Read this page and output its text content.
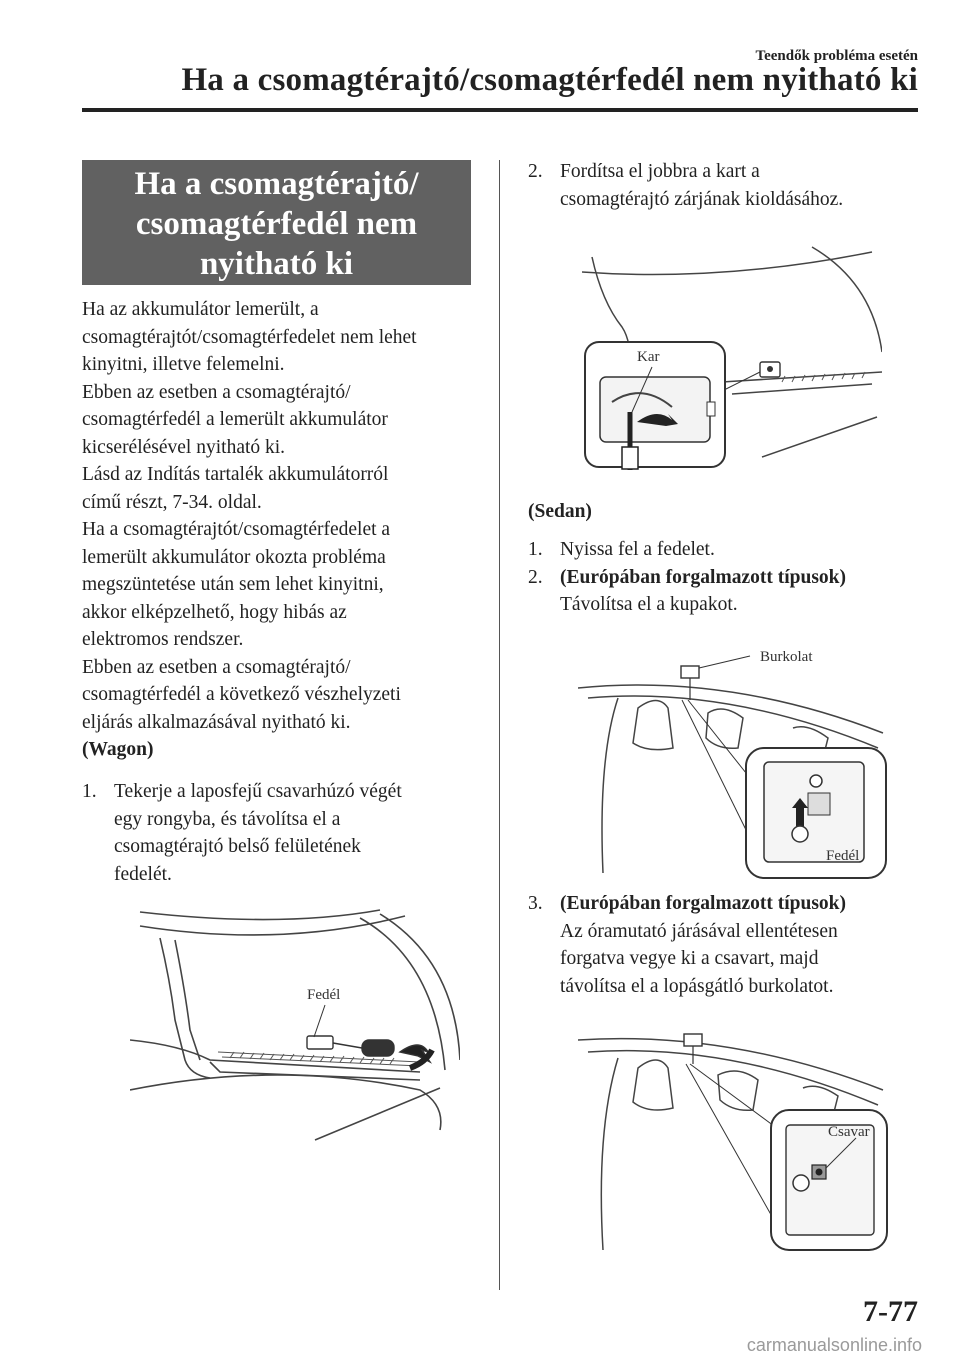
Teendők probléma esetén
Ha a csomagtérajtó/csomagtérfedél nem nyitható ki
Ha a csomagtérajtó/
csomagtérfedél nem
nyitható ki

Ha az akkumulátor lemerült, a

csomagtérajtót/csomagtérfedelet nem lehet

kinyitni, illetve felemelni.

Ebben az esetben a csomagtérajtó/

csomagtérfedél a lemerült akkumulátor

kicserélésével nyitható ki.

Lásd az Indítás tartalék akkumulátorról

című részt, 7-34. oldal.

Ha a csomagtérajtót/csomagtérfedelet a

lemerült akkumulátor okozta probléma

megszüntetése után sem lehet kinyitni,

akkor elképzelhető, hogy hibás az

elektromos rendszer.

Ebben az esetben a csomagtérajtó/

csomagtérfedél a következő vészhelyzeti

eljárás alkalmazásával nyitható ki.

(Wagon)
1. Tekerje a laposfejű csavarhúzó végét

egy rongyba, és távolítsa el a

csomagtérajtó belső felületének

fedelét.

Fedél
2. Fordítsa el jobbra a kart a

csomagtérajtó zárjának kioldásához.

Kar
(Sedan)
1. Nyissa fel a fedelet.

2. (Európában forgalmazott típusok)

Távolítsa el a kupakot.

Burkolat
Fedél
3. (Európában forgalmazott típusok)

Az óramutató járásával ellentétesen

forgatva vegye ki a csavart, majd

távolítsa el a lopásgátló burkolatot.

Csavar
7-77
carmanualsonline.info
